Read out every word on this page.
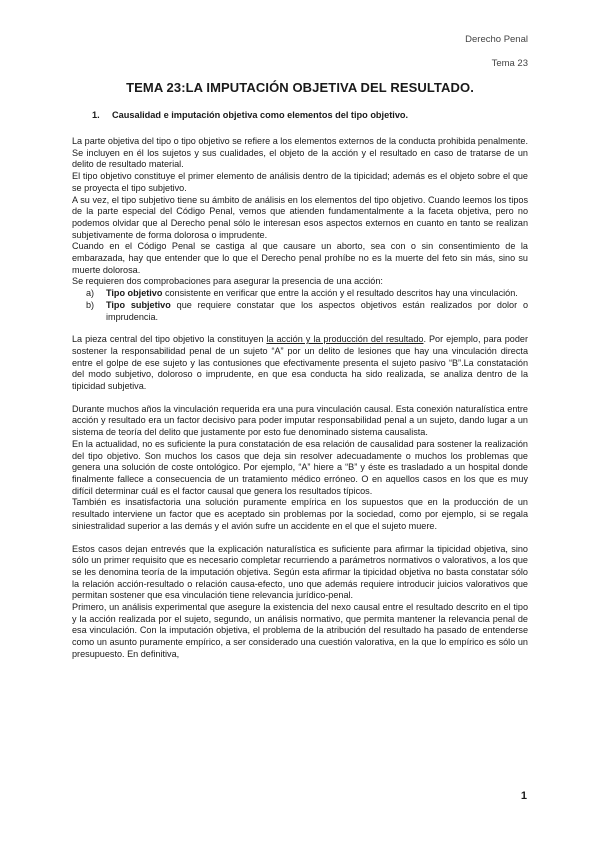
Derecho Penal
Tema 23
TEMA 23:LA IMPUTACIÓN OBJETIVA DEL RESULTADO.
1. Causalidad e imputación objetiva como elementos del tipo objetivo.

La parte objetiva del tipo o tipo objetivo se refiere a los elementos externos de la conducta prohibida penalmente. Se incluyen en él los sujetos y sus cualidades, el objeto de la acción y el resultado en caso de tratarse de un delito de resultado material.

El tipo objetivo constituye el primer elemento de análisis dentro de la tipicidad; además es el objeto sobre el que se proyecta el tipo subjetivo.

A su vez, el tipo subjetivo tiene su ámbito de análisis en los elementos del tipo objetivo. Cuando leemos los tipos de la parte especial del Código Penal, vemos que atienden fundamentalmente a la faceta objetiva, pero no podemos olvidar que al Derecho penal sólo le interesan esos aspectos externos en cuanto en tanto se realizan subjetivamente de forma dolorosa o imprudente.

Cuando en el Código Penal se castiga al que causare un aborto, sea con o sin consentimiento de la embarazada, hay que entender que lo que el Derecho penal prohíbe no es la muerte del feto sin más, sino su muerte dolorosa.

Se requieren dos comprobaciones para asegurar la presencia de una acción:

a) Tipo objetivo consistente en verificar que entre la acción y el resultado descritos hay una vinculación.
b) Tipo subjetivo que requiere constatar que los aspectos objetivos están realizados por dolor o imprudencia.

La pieza central del tipo objetivo la constituyen la acción y la producción del resultado. Por ejemplo, para poder sostener la responsabilidad penal de un sujeto “A” por un delito de lesiones que hay una vinculación directa entre el golpe de ese sujeto y las contusiones que efectivamente presenta el sujeto pasivo “B”.La constatación del modo subjetivo, doloroso o imprudente, en que esa conducta ha sido realizada, se analiza dentro de la tipicidad subjetiva.

Durante muchos años la vinculación requerida era una pura vinculación causal. Esta conexión naturalística entre acción y resultado era un factor decisivo para poder imputar responsabilidad penal a un sujeto, dando lugar a un sistema de teoría del delito que justamente por esto fue denominado sistema causalista.

En la actualidad, no es suficiente la pura constatación de esa relación de causalidad para sostener la realización del tipo objetivo. Son muchos los casos que deja sin resolver adecuadamente o muchos los problemas que genera una solución de coste ontológico. Por ejemplo, “A” hiere a “B” y éste es trasladado a un hospital donde finalmente fallece a consecuencia de un tratamiento médico erróneo. O en aquellos casos en los que es muy difícil determinar cuál es el factor causal que genera los resultados típicos.

También es insatisfactoria una solución puramente empírica en los supuestos que en la producción de un resultado interviene un factor que es aceptado sin problemas por la sociedad, como por ejemplo, si se regala siniestralidad superior a las demás y el avión sufre un accidente en el que el sujeto muere.

Estos casos dejan entrevés que la explicación naturalística es suficiente para afirmar la tipicidad objetiva, sino sólo un primer requisito que es necesario completar recurriendo a parámetros normativos o valorativos, a los que se les denomina teoría de la imputación objetiva. Según esta afirmar la tipicidad objetiva no basta constatar sólo la relación acción-resultado o relación causa-efecto, uno que además requiere introducir juicios valorativos que permitan sostener que esa vinculación tiene relevancia jurídico-penal.

Primero, un análisis experimental que asegure la existencia del nexo causal entre el resultado descrito en el tipo y la acción realizada por el sujeto, segundo, un análisis normativo, que permita mantener la relevancia penal de esa vinculación. Con la imputación objetiva, el problema de la atribución del resultado ha pasado de entenderse como un asunto puramente empírico, a ser considerado una cuestión valorativa, en la que lo empírico es sólo un presupuesto. En definitiva,

1
